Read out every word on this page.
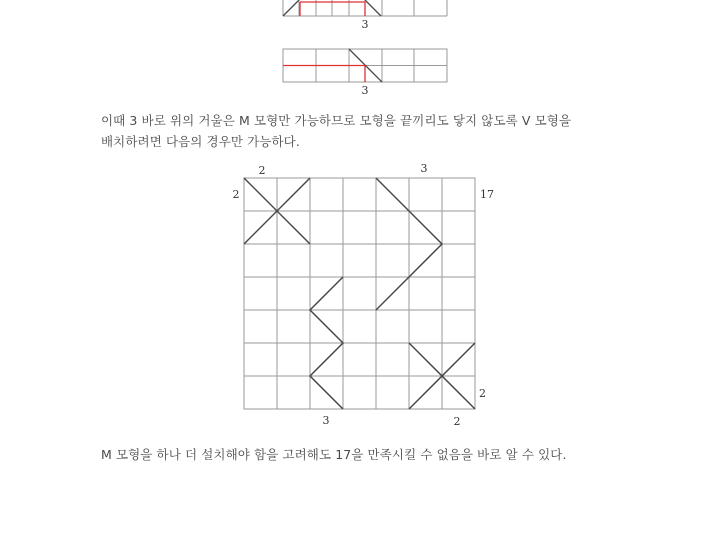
3
3
2	3
2	17
2
3	2
이때 3 바로 위의 거울은 M 모형만 가능하므로 모형을 끝끼리도 닿지 않도록 V 모형을
배치하려면 다음의 경우만 가능하다.
M 모형을 하나 더 설치해야 함을 고려해도 17을 만족시킬 수 없음을 바로 알 수 있다.
